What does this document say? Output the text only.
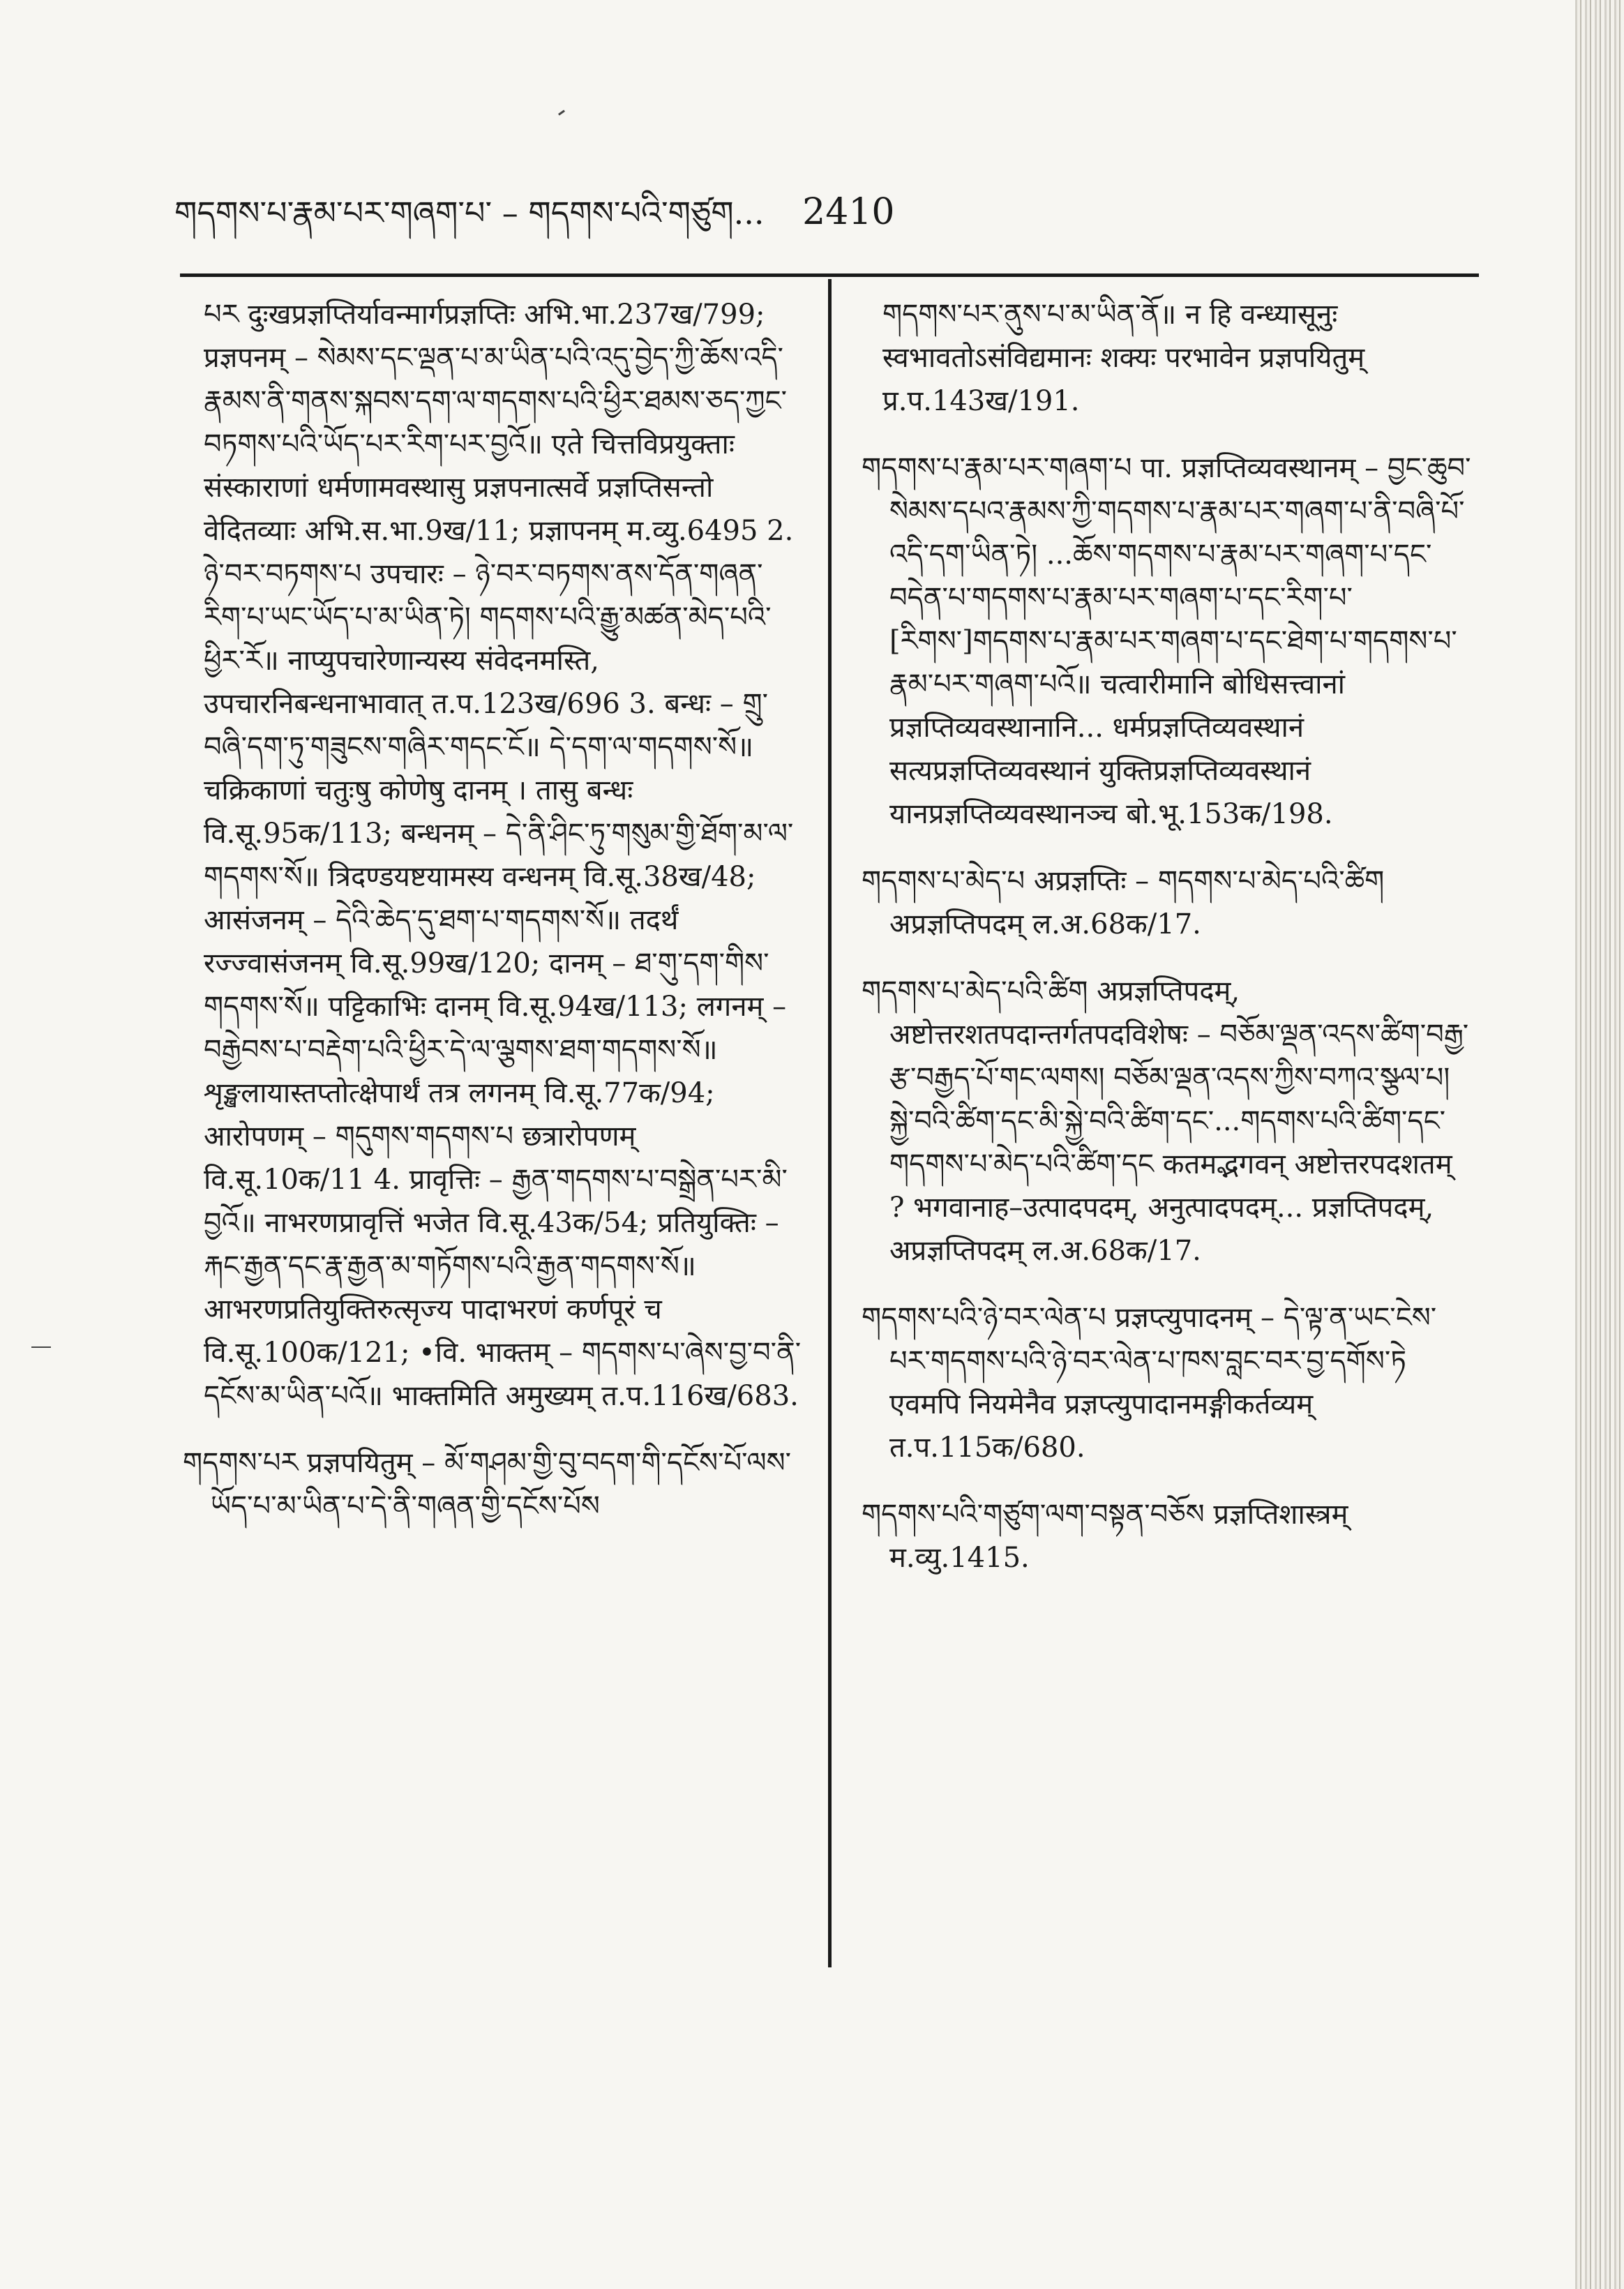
གདགས་པ་རྣམ་པར་གཞག་པ་ – གདགས་པའི་གཙུག... 2410

པར दुःखप्रज्ञप्तिर्यावन्मार्गप्रज्ञप्तिः अभि.भा.237ख/799; प्रज्ञपनम् – སེམས་དང་ལྡན་པ་མ་ཡིན་པའི་འདུ་བྱེད་ཀྱི་ཆོས་འདི་རྣམས་ནི་གནས་སྐབས་དག་ལ་གདགས་པའི་ཕྱིར་ཐམས་ཅད་ཀྱང་བཏགས་པའི་ཡོད་པར་རིག་པར་བྱའོ॥ एते चित्तविप्रयुक्ताः संस्काराणां धर्मणामवस्थासु प्रज्ञपनात्सर्वे प्रज्ञप्तिसन्तो वेदितव्याः अभि.स.भा.9ख/11; प्रज्ञापनम् म.व्यु.6495 2. ཉེ་བར་བཏགས་པ उपचारः – ཉེ་བར་བཏགས་ནས་དོན་གཞན་རིག་པ་ཡང་ཡོད་པ་མ་ཡིན་ཏེ། གདགས་པའི་རྒྱུ་མཚན་མེད་པའི་ཕྱིར་རོ॥ नाप्युपचारेणान्यस्य संवेदनमस्ति, उपचारनिबन्धनाभावात् त.प.123ख/696 3. बन्धः – གྲུ་བཞི་དག་ཏུ་གཟུངས་གཞིར་གདང་ངོ॥ དེ་དག་ལ་གདགས་སོ॥ चक्रिकाणां चतुःषु कोणेषु दानम् । तासु बन्धः वि.सू.95क/113; बन्धनम् – དེ་ནི་ཤིང་ཏུ་གསུམ་གྱི་ཐོག་མ་ལ་གདགས་སོ॥ त्रिदण्डयष्टयामस्य वन्धनम् वि.सू.38ख/48; आसंजनम् – དེའི་ཆེད་དུ་ཐག་པ་གདགས་སོ॥ तदर्थं रज्ज्वासंजनम् वि.सू.99ख/120; दानम् – ཐ་གུ་དག་གིས་གདགས་སོ॥ पट्टिकाभिः दानम् वि.सू.94ख/113; लगनम् – བརྒྱེབས་པ་བརྡེག་པའི་ཕྱིར་དེ་ལ་ལྕགས་ཐག་གདགས་སོ॥ शृङ्खलायास्तप्तोत्क्षेपार्थं तत्र लगनम् वि.सू.77क/94; आरोपणम् – གདུགས་གདགས་པ छत्रारोपणम् वि.सू.10क/11 4. प्रावृत्तिः – རྒྱན་གདགས་པ་བསྒྲེན་པར་མི་བྱའོ॥ नाभरणप्रावृत्तिं भजेत वि.सू.43क/54; प्रतियुक्तिः – རྐང་རྒྱན་དང་རྣ་རྒྱན་མ་གཏོགས་པའི་རྒྱན་གདགས་སོ॥ आभरणप्रतियुक्तिरुत्सृज्य पादाभरणं कर्णपूरं च वि.सू.100क/121; •वि. भाक्तम् – གདགས་པ་ཞེས་བྱ་བ་ནི་དངོས་མ་ཡིན་པའོ॥ भाक्तमिति अमुख्यम् त.प.116ख/683.

གདགས་པར प्रज्ञपयितुम् – མོ་གཤམ་གྱི་བུ་བདག་གི་དངོས་པོ་ལས་ཡོད་པ་མ་ཡིན་པ་དེ་ནི་གཞན་གྱི་དངོས་པོས

གདགས་པར་ནུས་པ་མ་ཡིན་ནོ॥ न हि वन्ध्यासूनुः स्वभावतोऽसंविद्यमानः शक्यः परभावेन प्रज्ञपयितुम् प्र.प.143ख/191.

གདགས་པ་རྣམ་པར་གཞག་པ पा. प्रज्ञप्तिव्यवस्थानम् – བྱང་ཆུབ་སེམས་དཔའ་རྣམས་ཀྱི་གདགས་པ་རྣམ་པར་གཞག་པ་ནི་བཞི་པོ་འདི་དག་ཡིན་ཏེ། ...ཆོས་གདགས་པ་རྣམ་པར་གཞག་པ་དང་ བདེན་པ་གདགས་པ་རྣམ་པར་གཞག་པ་དང་རིག་པ་[རིགས་]གདགས་པ་རྣམ་པར་གཞག་པ་དང་ཐེག་པ་གདགས་པ་རྣམ་པར་གཞག་པའོ॥ चत्वारीमानि बोधिसत्त्वानां प्रज्ञप्तिव्यवस्थानानि... धर्मप्रज्ञप्तिव्यवस्थानं सत्यप्रज्ञप्तिव्यवस्थानं युक्तिप्रज्ञप्तिव्यवस्थानं यानप्रज्ञप्तिव्यवस्थानञ्च बो.भू.153क/198.

གདགས་པ་མེད་པ अप्रज्ञप्तिः – གདགས་པ་མེད་པའི་ཚིག अप्रज्ञप्तिपदम् ल.अ.68क/17.

གདགས་པ་མེད་པའི་ཚིག अप्रज्ञप्तिपदम्, अष्टोत्तरशतपदान्तर्गतपदविशेषः – བཅོམ་ལྡན་འདས་ཚིག་བརྒྱ་རྩ་བརྒྱད་པོ་གང་ལགས། བཅོམ་ལྡན་འདས་ཀྱིས་བཀའ་སྩལ་པ། སྐྱེ་བའི་ཚིག་དང་མི་སྐྱེ་བའི་ཚིག་དང་...གདགས་པའི་ཚིག་དང་གདགས་པ་མེད་པའི་ཚིག་དང कतमद्भगवन् अष्टोत्तरपदशतम् ? भगवानाह–उत्पादपदम्, अनुत्पादपदम्... प्रज्ञप्तिपदम्, अप्रज्ञप्तिपदम् ल.अ.68क/17.

གདགས་པའི་ཉེ་བར་ལེན་པ प्रज्ञप्त्युपादनम् – དེ་ལྟ་ན་ཡང་ངེས་པར་གདགས་པའི་ཉེ་བར་ལེན་པ་ཁས་བླང་བར་བྱ་དགོས་ཏེ एवमपि नियमेनैव प्रज्ञप्त्युपादानमङ्गीकर्तव्यम् त.प.115क/680.

གདགས་པའི་གཙུག་ལག་བསྟན་བཅོས प्रज्ञप्तिशास्त्रम् म.व्यु.1415.
